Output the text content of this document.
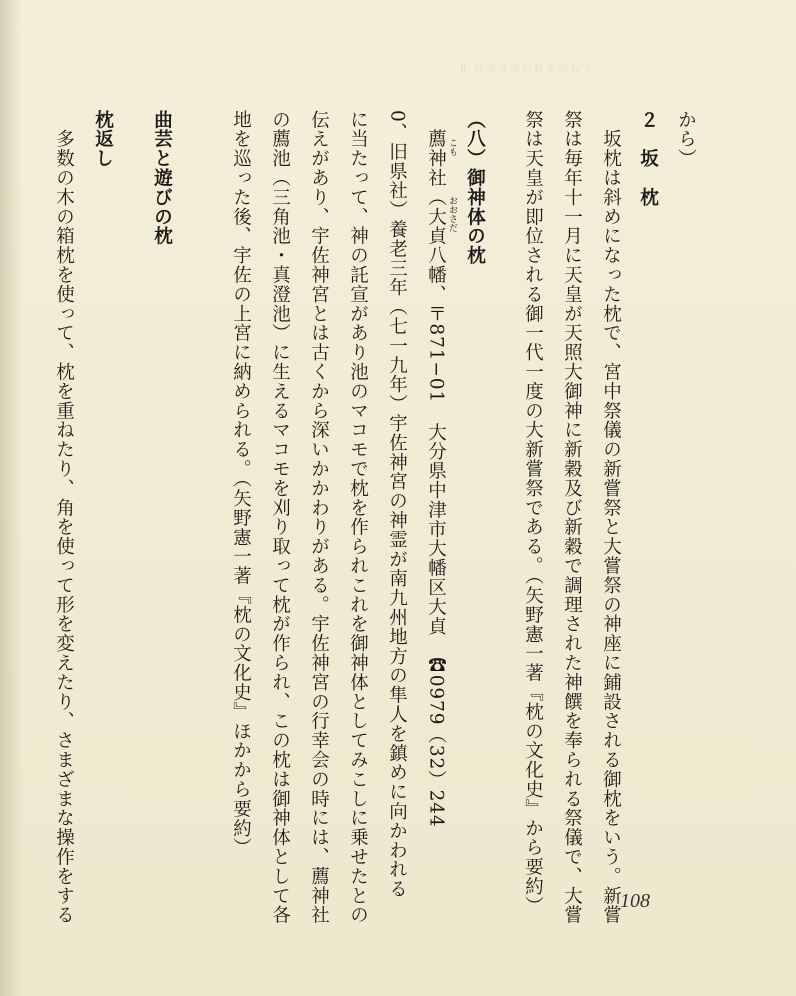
Ⅱ 日本各地の枕を訪ねて
から）
２　坂　枕
　坂枕は斜めになった枕で、宮中祭儀の新嘗祭と大嘗祭の神座に鋪設される御枕をいう。新嘗
祭は毎年十一月に天皇が天照大御神に新穀及び新穀で調理された神饌を奉られる祭儀で、大嘗
祭は天皇が即位される御一代一度の大新嘗祭である。（矢野憲一著『枕の文化史』から要約）
（八）御神体の枕
　薦神社（大貞八幡、〒871−01　大分県中津市大幡区大貞　☎0979（32）244
0、旧県社）養老三年（七一九年）宇佐神宮の神霊が南九州地方の隼人を鎮めに向かわれる
に当たって、神の託宣があり池のマコモで枕を作られこれを御神体としてみこしに乗せたとの
伝えがあり、宇佐神宮とは古くから深いかかわりがある。宇佐神宮の行幸会の時には、薦神社
の薦池（三角池・真澄池）に生えるマコモを刈り取って枕が作られ、この枕は御神体として各
地を巡った後、宇佐の上宮に納められる。（矢野憲一著『枕の文化史』ほかから要約）
曲芸と遊びの枕
枕返し
　多数の木の箱枕を使って、枕を重ねたり、角を使って形を変えたり、さまざまな操作をする	こも
おおさだ
108
